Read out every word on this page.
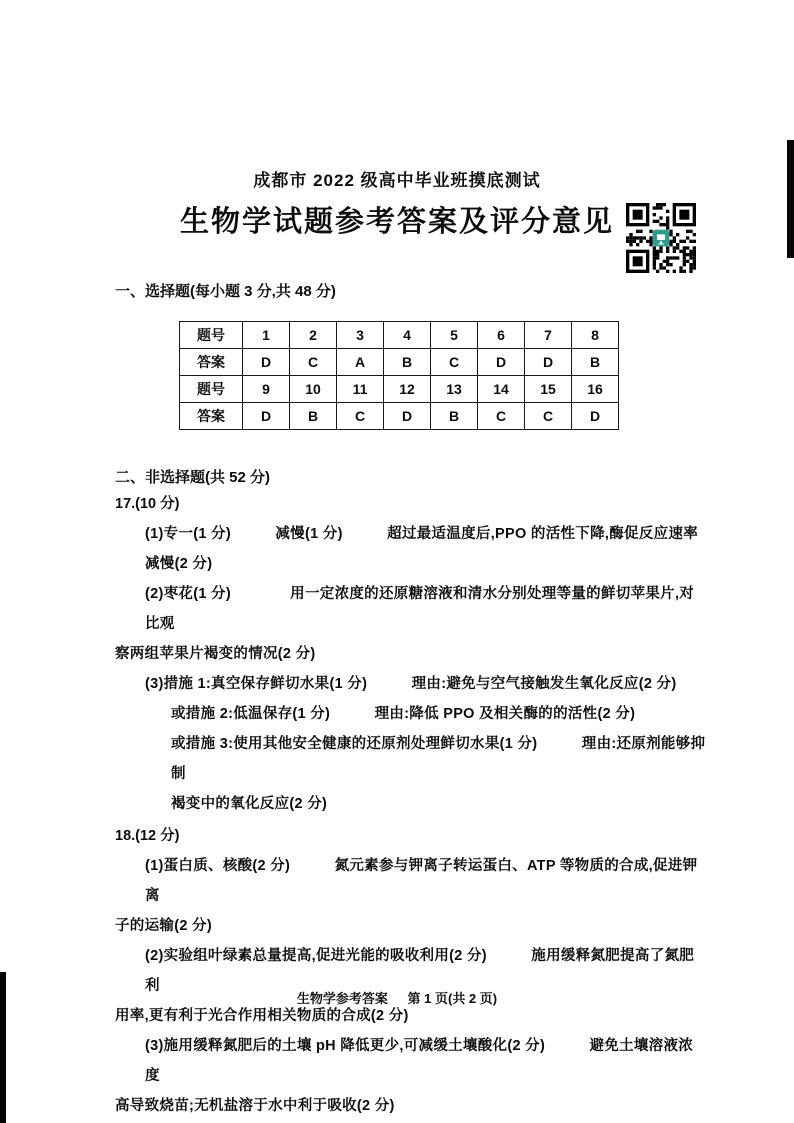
成都市 2022 级高中毕业班摸底测试
生物学试题参考答案及评分意见
一、选择题(每小题 3 分,共 48 分)
题号	1	2	3	4	5	6	7	8
答案	D	C	A	B	C	D	D	B
题号	9	10	11	12	13	14	15	16
答案	D	B	C	D	B	C	C	D
二、非选择题(共 52 分)
17.(10 分)
(1)专一(1 分)　　　减慢(1 分)　　　超过最适温度后,PPO 的活性下降,酶促反应速率减慢(2 分)
(2)枣花(1 分)　　　　用一定浓度的还原糖溶液和清水分别处理等量的鲜切苹果片,对比观
察两组苹果片褐变的情况(2 分)
(3)措施 1:真空保存鲜切水果(1 分)　　　理由:避免与空气接触发生氧化反应(2 分)
或措施 2:低温保存(1 分)　　　理由:降低 PPO 及相关酶的的活性(2 分)
或措施 3:使用其他安全健康的还原剂处理鲜切水果(1 分)　　　理由:还原剂能够抑制
褐变中的氧化反应(2 分)
18.(12 分)
(1)蛋白质、核酸(2 分)　　　氮元素参与钾离子转运蛋白、ATP 等物质的合成,促进钾离
子的运输(2 分)
(2)实验组叶绿素总量提高,促进光能的吸收利用(2 分)　　　施用缓释氮肥提高了氮肥利
用率,更有利于光合作用相关物质的合成(2 分)
(3)施用缓释氮肥后的土壤 pH 降低更少,可减缓土壤酸化(2 分)　　　避免土壤溶液浓度
高导致烧苗;无机盐溶于水中利于吸收(2 分)
生物学参考答案 第 1 页(共 2 页)
